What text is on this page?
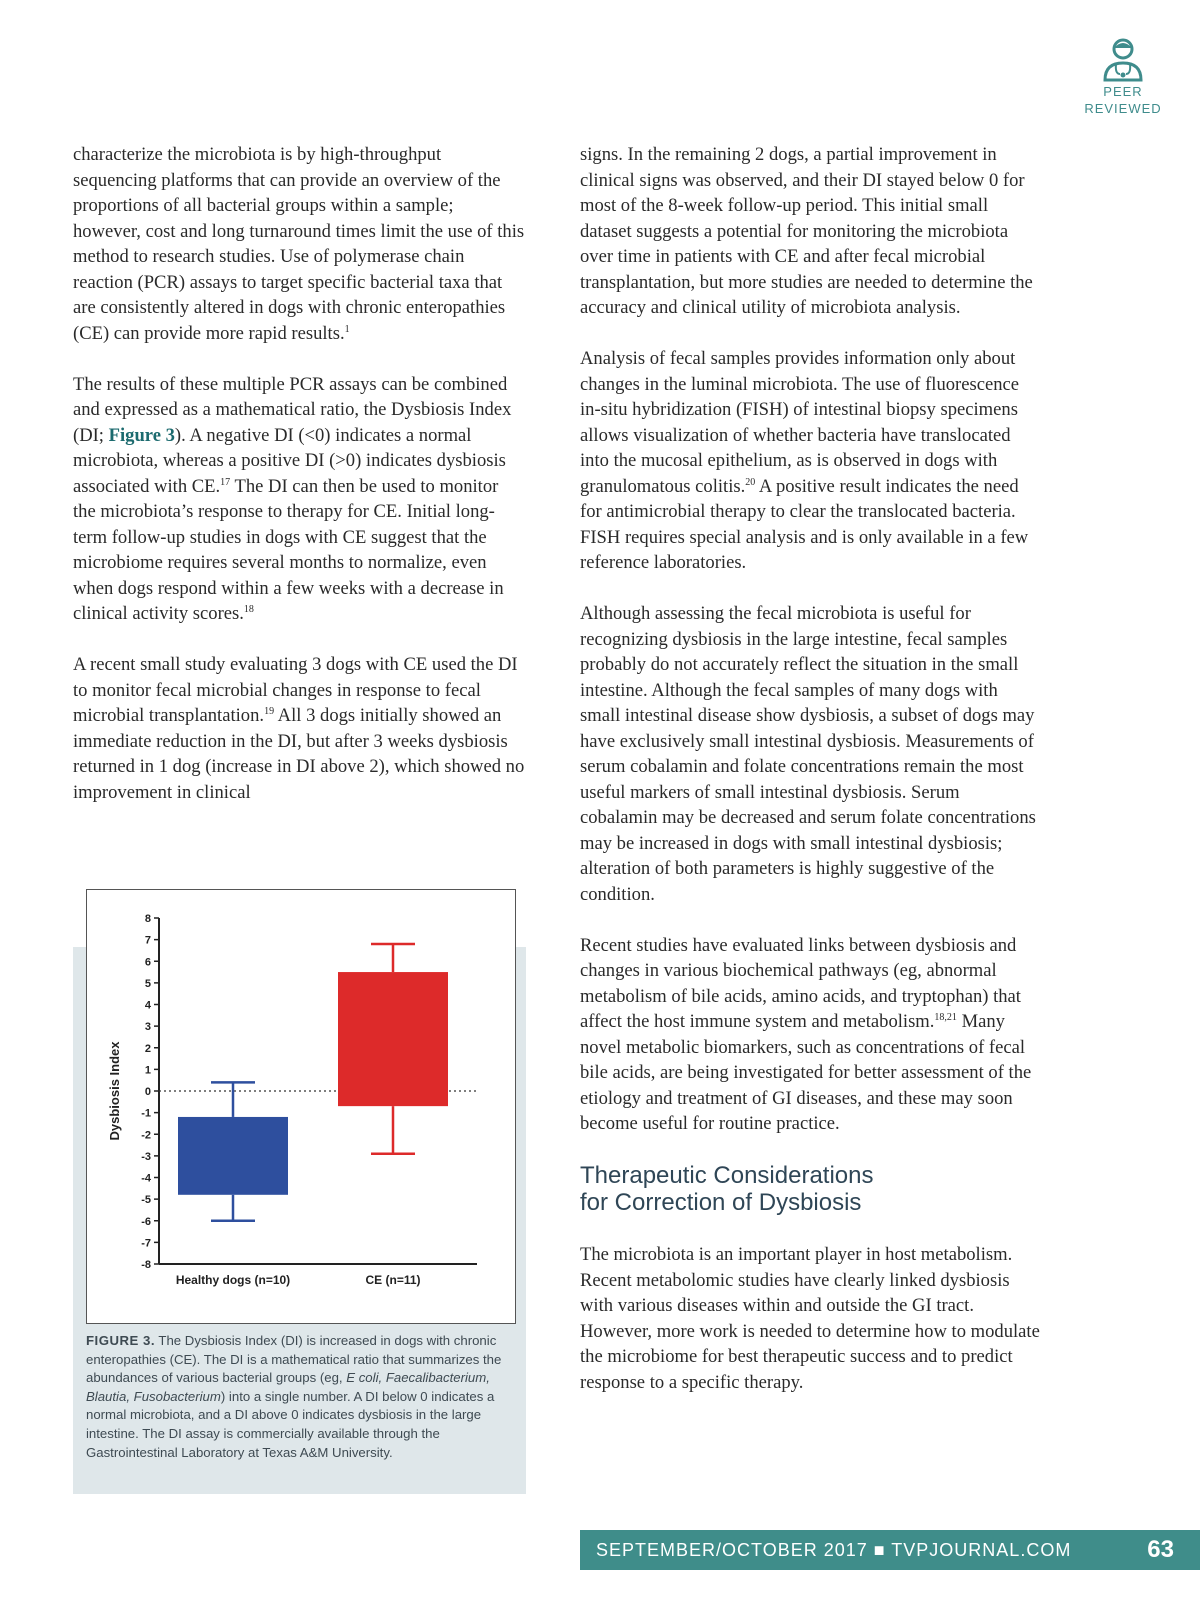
PEER
REVIEWED

characterize the microbiota is by high-throughput sequencing platforms that can provide an overview of the proportions of all bacterial groups within a sample; however, cost and long turnaround times limit the use of this method to research studies. Use of polymerase chain reaction (PCR) assays to target specific bacterial taxa that are consistently altered in dogs with chronic enteropathies (CE) can provide more rapid results.$^1$

The results of these multiple PCR assays can be combined and expressed as a mathematical ratio, the Dysbiosis Index (DI; Figure 3). A negative DI (<0) indicates a normal microbiota, whereas a positive DI (>0) indicates dysbiosis associated with CE.$^{17}$ The DI can then be used to monitor the microbiota’s response to therapy for CE. Initial long-term follow-up studies in dogs with CE suggest that the microbiome requires several months to normalize, even when dogs respond within a few weeks with a decrease in clinical activity scores.$^{18}$

A recent small study evaluating 3 dogs with CE used the DI to monitor fecal microbial changes in response to fecal microbial transplantation.$^{19}$ All 3 dogs initially showed an immediate reduction in the DI, but after 3 weeks dysbiosis returned in 1 dog (increase in DI above 2), which showed no improvement in clinical

8
7
6
5
4
3
2
1
0
-1
-2
-3
-4
-5
-6
-7
-8
Dysbiosis Index
Healthy dogs (n=10)	CE (n=11)
FIGURE 3. The Dysbiosis Index (DI) is increased in dogs with chronic enteropathies (CE). The DI is a mathematical ratio that summarizes the abundances of various bacterial groups (eg, E coli, Faecalibacterium, Blautia, Fusobacterium) into a single number. A DI below 0 indicates a normal microbiota, and a DI above 0 indicates dysbiosis in the large intestine. The DI assay is commercially available through the Gastrointestinal Laboratory at Texas A&M University.

signs. In the remaining 2 dogs, a partial improvement in clinical signs was observed, and their DI stayed below 0 for most of the 8-week follow-up period. This initial small dataset suggests a potential for monitoring the microbiota over time in patients with CE and after fecal microbial transplantation, but more studies are needed to determine the accuracy and clinical utility of microbiota analysis.

Analysis of fecal samples provides information only about changes in the luminal microbiota. The use of fluorescence in-situ hybridization (FISH) of intestinal biopsy specimens allows visualization of whether bacteria have translocated into the mucosal epithelium, as is observed in dogs with granulomatous colitis.$^{20}$ A positive result indicates the need for antimicrobial therapy to clear the translocated bacteria. FISH requires special analysis and is only available in a few reference laboratories.

Although assessing the fecal microbiota is useful for recognizing dysbiosis in the large intestine, fecal samples probably do not accurately reflect the situation in the small intestine. Although the fecal samples of many dogs with small intestinal disease show dysbiosis, a subset of dogs may have exclusively small intestinal dysbiosis. Measurements of serum cobalamin and folate concentrations remain the most useful markers of small intestinal dysbiosis. Serum cobalamin may be decreased and serum folate concentrations may be increased in dogs with small intestinal dysbiosis; alteration of both parameters is highly suggestive of the condition.

Recent studies have evaluated links between dysbiosis and changes in various biochemical pathways (eg, abnormal metabolism of bile acids, amino acids, and tryptophan) that affect the host immune system and metabolism.$^{18,21}$ Many novel metabolic biomarkers, such as concentrations of fecal bile acids, are being investigated for better assessment of the etiology and treatment of GI diseases, and these may soon become useful for routine practice.

Therapeutic Considerations
for Correction of Dysbiosis

The microbiota is an important player in host metabolism. Recent metabolomic studies have clearly linked dysbiosis with various diseases within and outside the GI tract. However, more work is needed to determine how to modulate the microbiome for best therapeutic success and to predict response to a specific therapy.

SEPTEMBER/OCTOBER 2017 ■ TVPJOURNAL.COM	63
